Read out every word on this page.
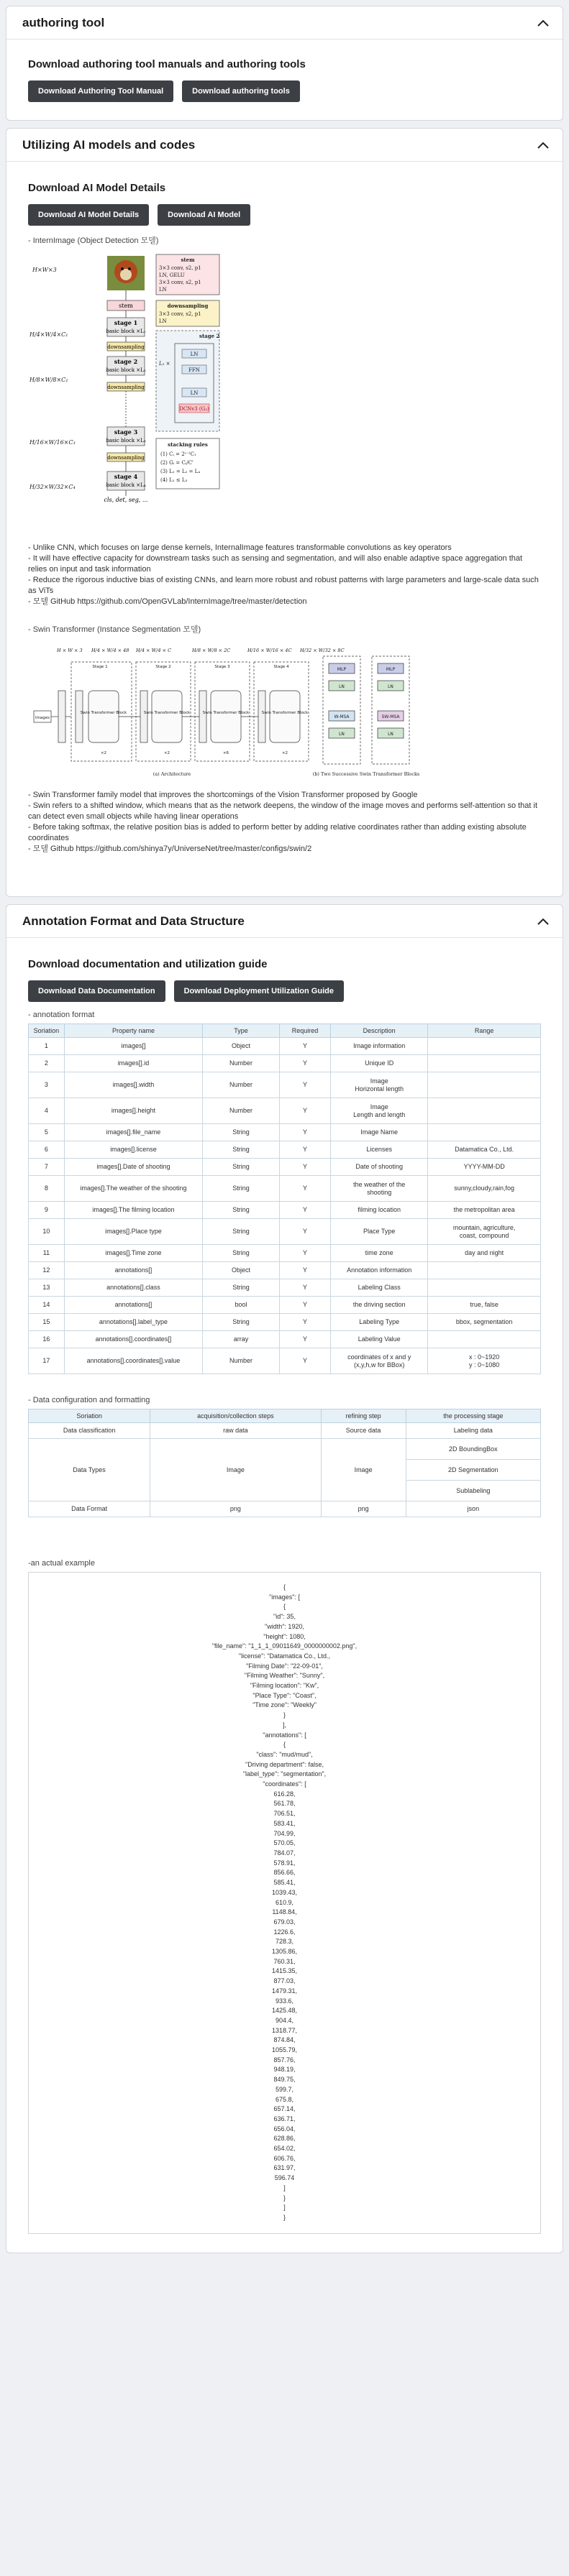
authoring tool
Download authoring tool manuals and authoring tools
Download Authoring Tool Manual	Download authoring tools
Utilizing AI models and codes
Download AI Model Details
Download AI Model Details	Download AI Model
- InternImage (Object Detection 모델)
H×W×3
H/4×W/4×C₁
H/8×W/8×C₂
H/16×W/16×C₃
H/32×W/32×C₄
stem
stage 1
basic block ×L₁
downsampling
stage 2
basic block ×L₂
downsampling
stage 3
basic block ×L₃
downsampling
stage 4
basic block ×L₄
cls, det, seg, ...
stem
3×3 conv, s2, p1
LN, GELU
3×3 conv, s2, p1
LN
downsampling
3×3 conv, s2, p1
LN
stage 2
L₂ ×
LN
FFN
LN
DCNv3 (G₂)
stacking rules
(1) Cᵢ = 2ⁱ⁻¹C₁
(2) Gᵢ = Cᵢ/C'
(3) L₁ = L₂ = L₄
(4) L₁ ≤ L₃
- Unlike CNN, which focuses on large dense kernels, InternalImage features transformable convolutions as key operators
- It will have effective capacity for downstream tasks such as sensing and segmentation, and will also enable adaptive space aggregation that relies on input and task information
- Reduce the rigorous inductive bias of existing CNNs, and learn more robust and robust patterns with large parameters and large-scale data such as ViTs
- 모델 GitHub https://github.com/OpenGVLab/InternImage/tree/master/detection
- Swin Transformer (Instance Segmentation 모델)
H × W × 3 H/4 × W/4 × 48 H/4 × W/4 × C	H/8 × W/8 × 2C	H/16 × W/16 × 4C H/32 × W/32 × 8C
Images
Swin Transformer Block	Swin Transformer Block	Swin Transformer Block	Swin Transformer Block
×2	×2	×6	×2
Stage 1	Stage 2	Stage 3	Stage 4
(a) Architecture	(b) Two Successive Swin Transformer Blocks
MLP
LN
W-MSA
LN
MLP
LN
SW-MSA
LN
- Swin Transformer family model that improves the shortcomings of the Vision Transformer proposed by Google
- Swin refers to a shifted window, which means that as the network deepens, the window of the image moves and performs self-attention so that it can detect even small objects while having linear operations
- Before taking softmax, the relative position bias is added to perform better by adding relative coordinates rather than adding existing absolute coordinates
- 모델 Github https://github.com/shinya7y/UniverseNet/tree/master/configs/swin/2
Annotation Format and Data Structure
Download documentation and utilization guide
Download Data Documentation	Download Deployment Utilization Guide
- annotation format
Soriation	Property name	Type	Required	Description	Range
1	images[]	Object	Y	Image information	
2	images[].id	Number	Y	Unique ID	
3	images[].width	Number	Y	Image
Horizontal length	
4	images[].height	Number	Y	Image
Length and length	
5	images[].file_name	String	Y	Image Name	
6	images[].license	String	Y	Licenses	Datamatica Co., Ltd.
7	images[].Date of shooting	String	Y	Date of shooting	YYYY-MM-DD
8	images[].The weather of the shooting	String	Y	the weather of the
shooting	sunny,cloudy,rain,fog
9	images[].The filming location	String	Y	filming location	the metropolitan area
10	images[].Place type	String	Y	Place Type	mountain, agriculture,
coast, compound
11	images[].Time zone	String	Y	time zone	day and night
12	annotations[]	Object	Y	Annotation information	
13	annotations[].class	String	Y	Labeling Class	
14	annotations[]	bool	Y	the driving section	true, false
15	annotations[].label_type	String	Y	Labeling Type	bbox, segmentation
16	annotations[].coordinates[]	array	Y	Labeling Value	
17	annotations[].coordinates[].value	Number	Y	coordinates of x and y
(x,y,h,w for BBox)	x : 0~1920
y : 0~1080
- Data configuration and formatting
Soriation	acquisition/collection steps	refining step	the processing stage
Data classification	raw data	Source data	Labeling data
Data Types	Image	Image	2D BoundingBox
			2D Segmentation
			Sublabeling
Data Format	png	png	json
-an actual example
{
"images": [
{
"id": 35,
"width": 1920,
"height": 1080,
"file_name": "1_1_1_09011649_0000000002.png",
"license": "Datamatica Co., Ltd.,
"Filming Date": "22-09-01",
"Filming Weather": "Sunny",
"Filming location": "Kw",
"Place Type": "Coast",
"Time zone": "Weekly"
}
],
"annotations": [
{
"class": "mud/mud",
"Driving department": false,
"label_type": "segmentation",
"coordinates": [
616.28,
561.78,
706.51,
583.41,
704.99,
570.05,
784.07,
578.91,
856.66,
585.41,
1039.43,
610.9,
1148.84,
679.03,
1226.6,
728.3,
1305.86,
760.31,
1415.35,
877.03,
1479.31,
933.6,
1425.48,
904.4,
1318.77,
874.84,
1055.79,
857.76,
948.19,
849.75,
599.7,
675.8,
657.14,
636.71,
656.04,
628.86,
654.02,
606.76,
631.97,
596.74
]
}
]
}
